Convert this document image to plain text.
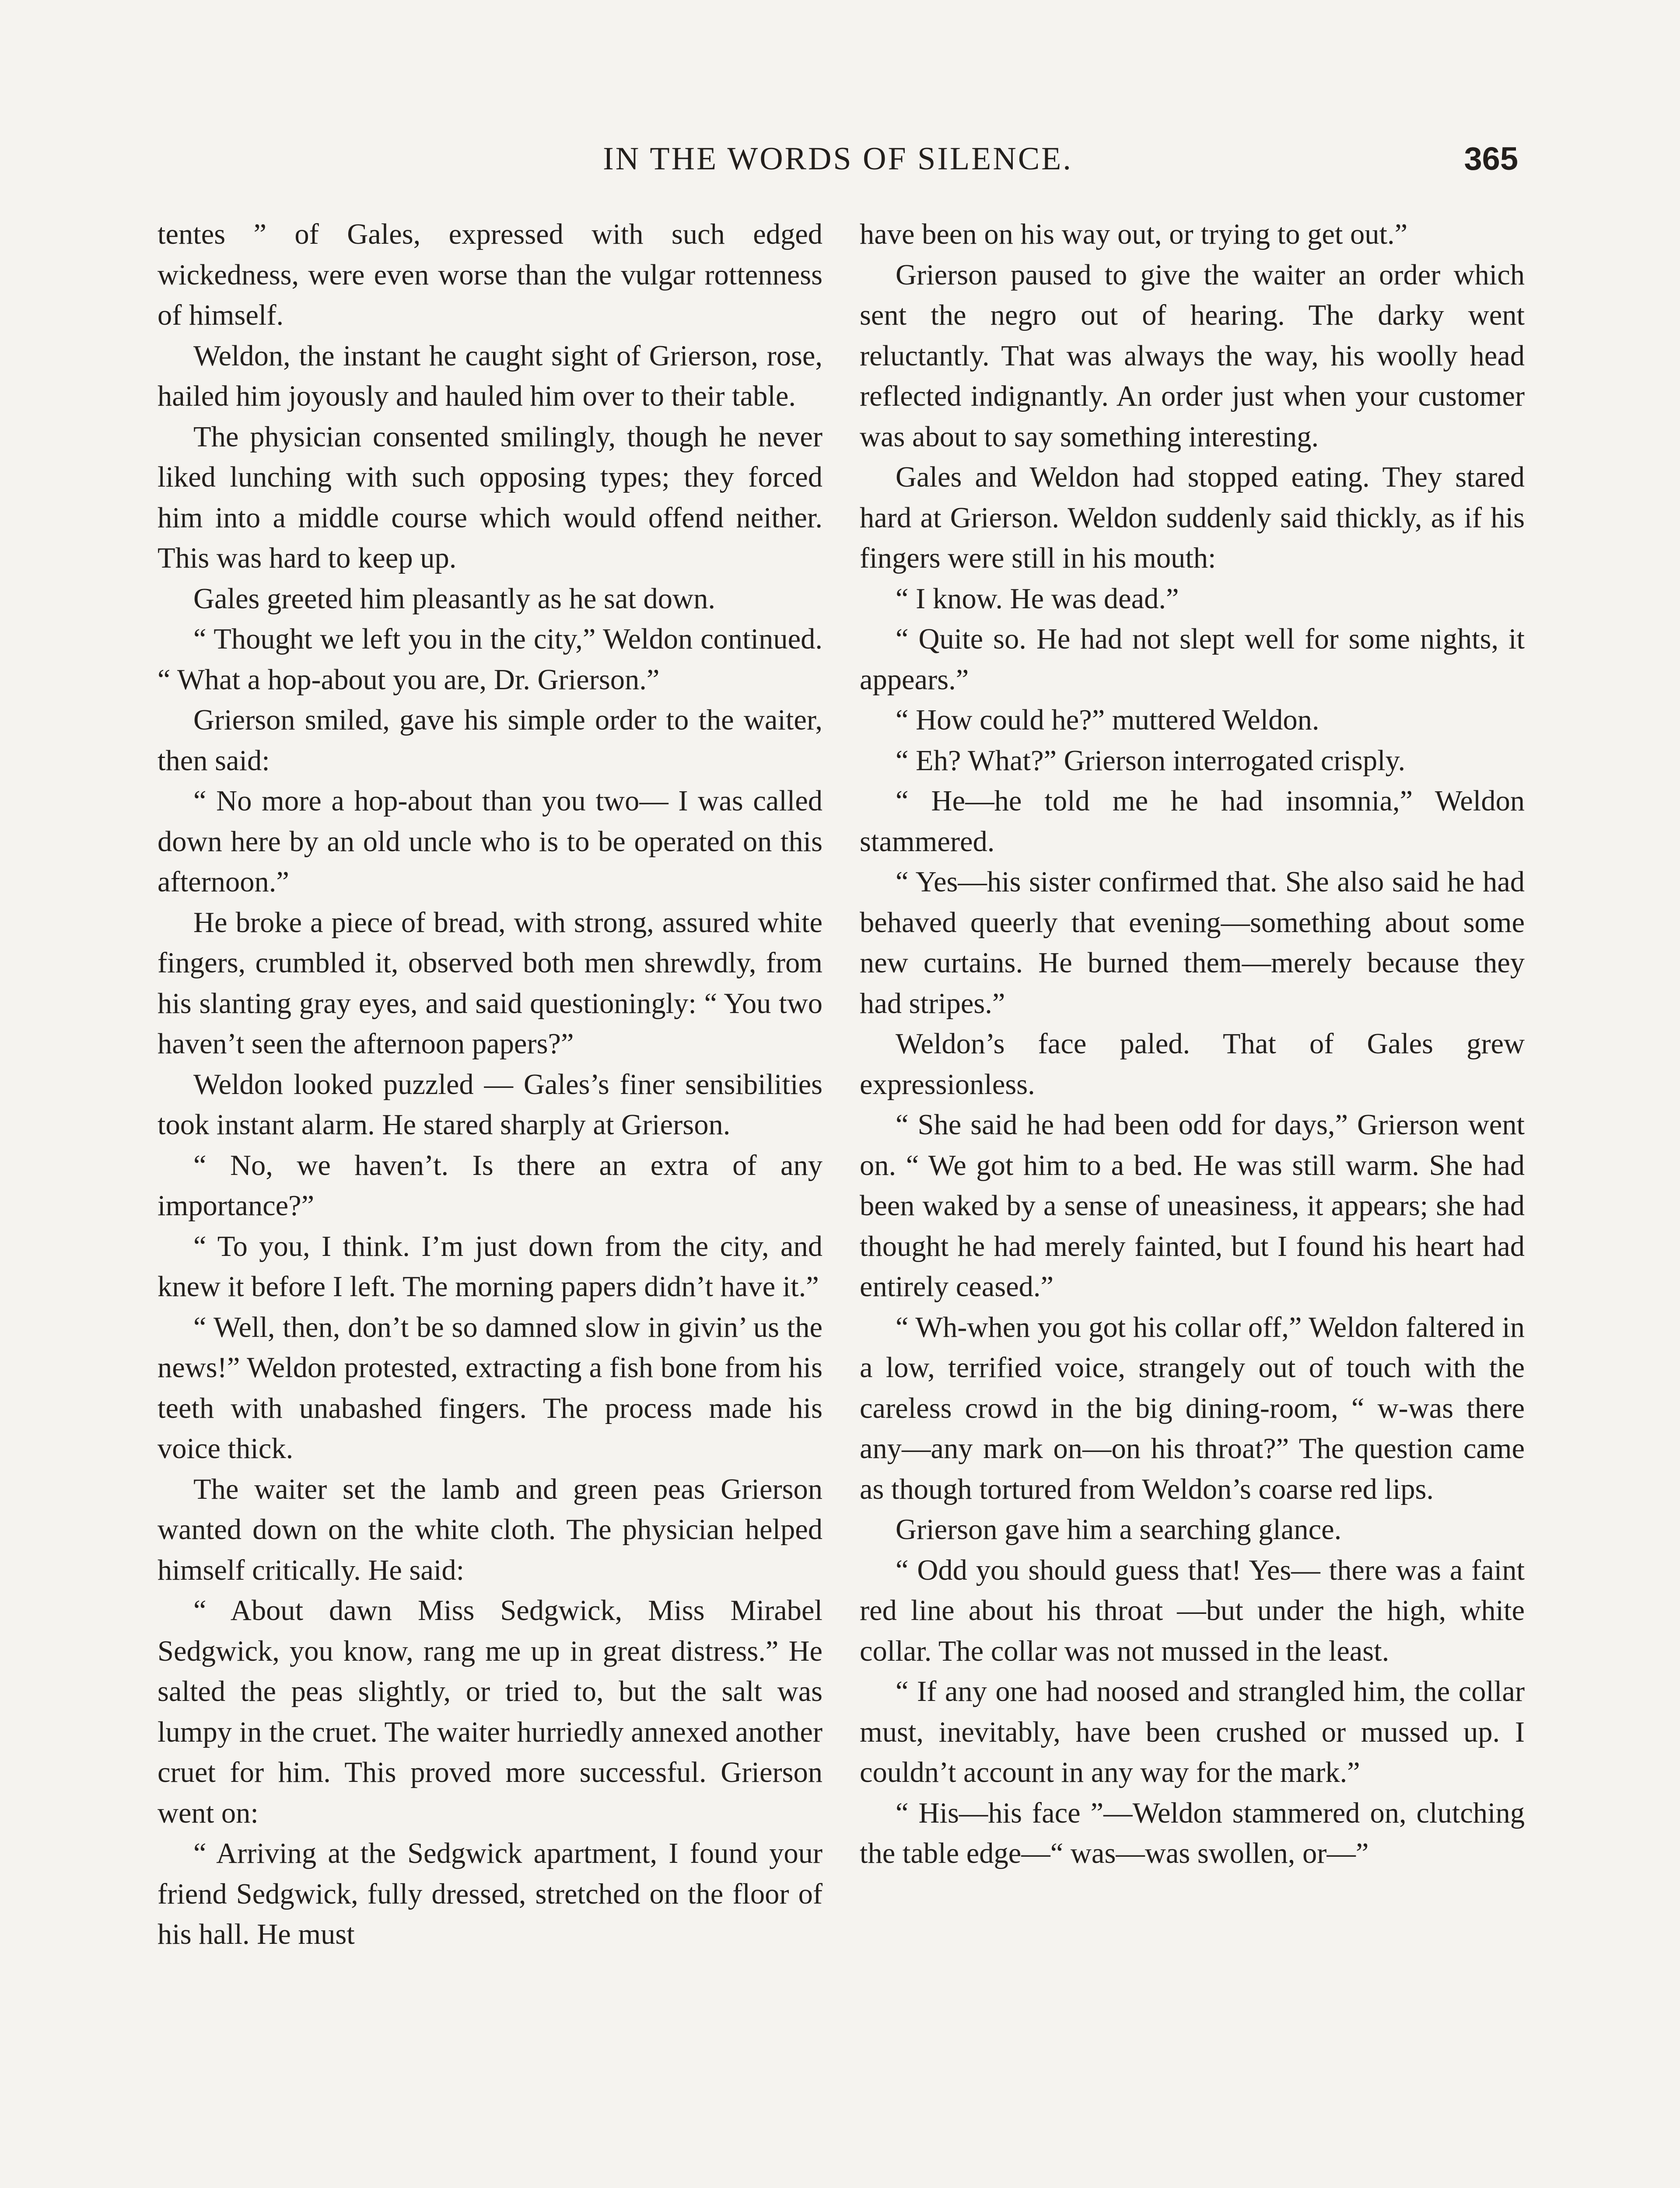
IN THE WORDS OF SILENCE.	365

tentes ” of Gales, expressed with such edged wickedness, were even worse than the vulgar rottenness of himself.

Weldon, the instant he caught sight of Grierson, rose, hailed him joyously and hauled him over to their table.

The physician consented smilingly, though he never liked lunching with such opposing types; they forced him into a middle course which would offend neither. This was hard to keep up.

Gales greeted him pleasantly as he sat down.

“ Thought we left you in the city,” Weldon continued. “ What a hop-about you are, Dr. Grierson.”

Grierson smiled, gave his simple order to the waiter, then said:

“ No more a hop-about than you two— I was called down here by an old uncle who is to be operated on this afternoon.”

He broke a piece of bread, with strong, assured white fingers, crumbled it, observed both men shrewdly, from his slanting gray eyes, and said questioningly: “ You two haven’t seen the afternoon papers?”

Weldon looked puzzled — Gales’s finer sensibilities took instant alarm. He stared sharply at Grierson.

“ No, we haven’t. Is there an extra of any importance?”

“ To you, I think. I’m just down from the city, and knew it before I left. The morning papers didn’t have it.”

“ Well, then, don’t be so damned slow in givin’ us the news!” Weldon protested, extracting a fish bone from his teeth with unabashed fingers. The process made his voice thick.

The waiter set the lamb and green peas Grierson wanted down on the white cloth. The physician helped himself critically. He said:

“ About dawn Miss Sedgwick, Miss Mirabel Sedgwick, you know, rang me up in great distress.” He salted the peas slightly, or tried to, but the salt was lumpy in the cruet. The waiter hurriedly annexed another cruet for him. This proved more successful. Grierson went on:

“ Arriving at the Sedgwick apartment, I found your friend Sedgwick, fully dressed, stretched on the floor of his hall. He must

have been on his way out, or trying to get out.”

Grierson paused to give the waiter an order which sent the negro out of hearing. The darky went reluctantly. That was always the way, his woolly head reflected indignantly. An order just when your customer was about to say something interesting.

Gales and Weldon had stopped eating. They stared hard at Grierson. Weldon suddenly said thickly, as if his fingers were still in his mouth:

“ I know. He was dead.”

“ Quite so. He had not slept well for some nights, it appears.”

“ How could he?” muttered Weldon.

“ Eh? What?” Grierson interrogated crisply.

“ He—he told me he had insomnia,” Weldon stammered.

“ Yes—his sister confirmed that. She also said he had behaved queerly that evening—something about some new curtains. He burned them—merely because they had stripes.”

Weldon’s face paled. That of Gales grew expressionless.

“ She said he had been odd for days,” Grierson went on. “ We got him to a bed. He was still warm. She had been waked by a sense of uneasiness, it appears; she had thought he had merely fainted, but I found his heart had entirely ceased.”

“ Wh-when you got his collar off,” Weldon faltered in a low, terrified voice, strangely out of touch with the careless crowd in the big dining-room, “ w-was there any—any mark on—on his throat?” The question came as though tortured from Weldon’s coarse red lips.

Grierson gave him a searching glance.

“ Odd you should guess that! Yes— there was a faint red line about his throat —but under the high, white collar. The collar was not mussed in the least.

“ If any one had noosed and strangled him, the collar must, inevitably, have been crushed or mussed up. I couldn’t account in any way for the mark.”

“ His—his face ”—Weldon stammered on, clutching the table edge—“ was—was swollen, or—”
